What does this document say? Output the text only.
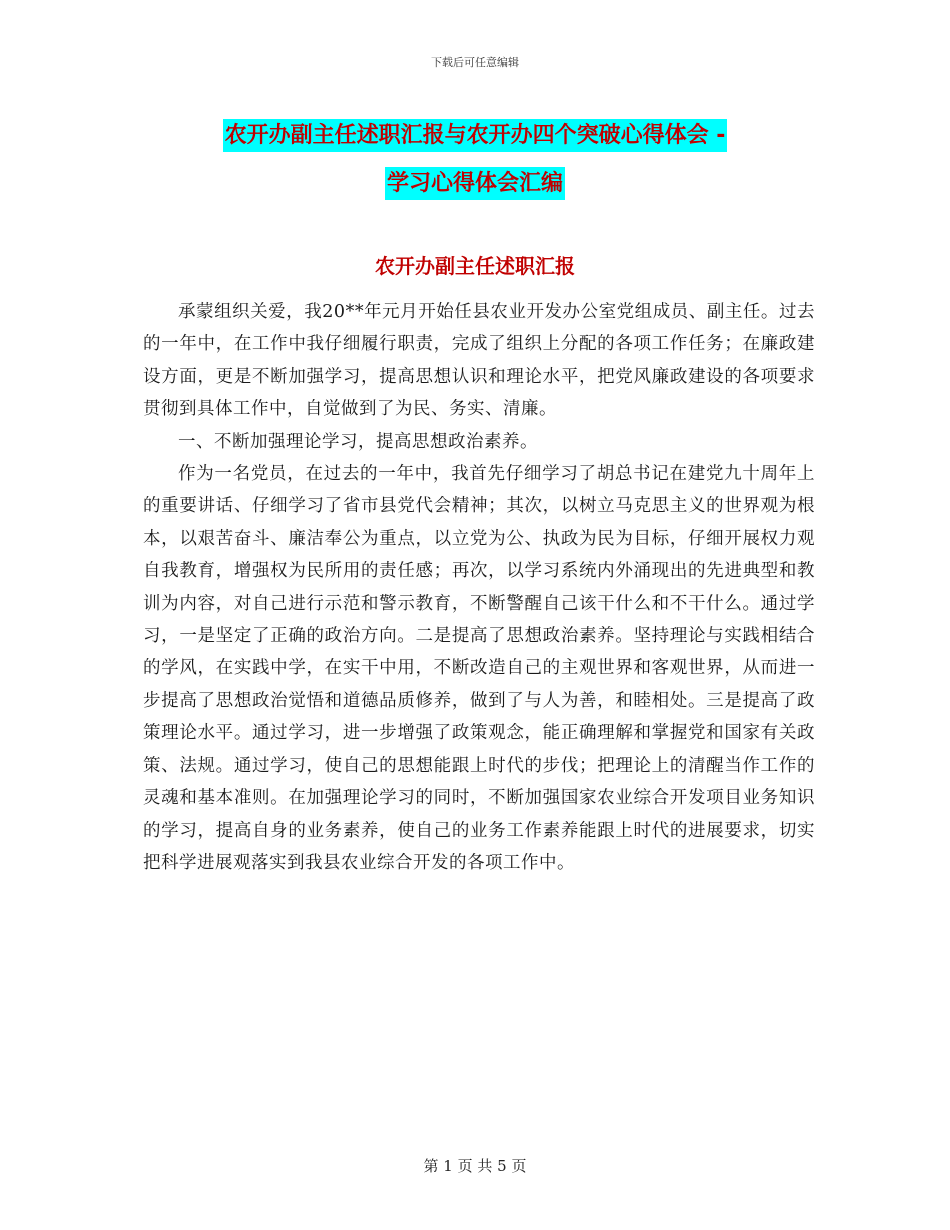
下载后可任意编辑
农开办副主任述职汇报与农开办四个突破心得体会 -
学习心得体会汇编
农开办副主任述职汇报

承蒙组织关爱，我20**年元月开始任县农业开发办公室党组成员、副主任。过去的一年中，在工作中我仔细履行职责，完成了组织上分配的各项工作任务；在廉政建设方面，更是不断加强学习，提高思想认识和理论水平，把党风廉政建设的各项要求贯彻到具体工作中，自觉做到了为民、务实、清廉。

一、不断加强理论学习，提高思想政治素养。

作为一名党员，在过去的一年中，我首先仔细学习了胡总书记在建党九十周年上的重要讲话、仔细学习了省市县党代会精神；其次，以树立马克思主义的世界观为根本，以艰苦奋斗、廉洁奉公为重点，以立党为公、执政为民为目标，仔细开展权力观自我教育，增强权为民所用的责任感；再次，以学习系统内外涌现出的先进典型和教训为内容，对自己进行示范和警示教育，不断警醒自己该干什么和不干什么。通过学习，一是坚定了正确的政治方向。二是提高了思想政治素养。坚持理论与实践相结合的学风，在实践中学，在实干中用，不断改造自己的主观世界和客观世界，从而进一步提高了思想政治觉悟和道德品质修养，做到了与人为善，和睦相处。三是提高了政策理论水平。通过学习，进一步增强了政策观念，能正确理解和掌握党和国家有关政策、法规。通过学习，使自己的思想能跟上时代的步伐；把理论上的清醒当作工作的灵魂和基本准则。在加强理论学习的同时，不断加强国家农业综合开发项目业务知识的学习，提高自身的业务素养，使自己的业务工作素养能跟上时代的进展要求，切实把科学进展观落实到我县农业综合开发的各项工作中。

第 1 页 共 5 页
